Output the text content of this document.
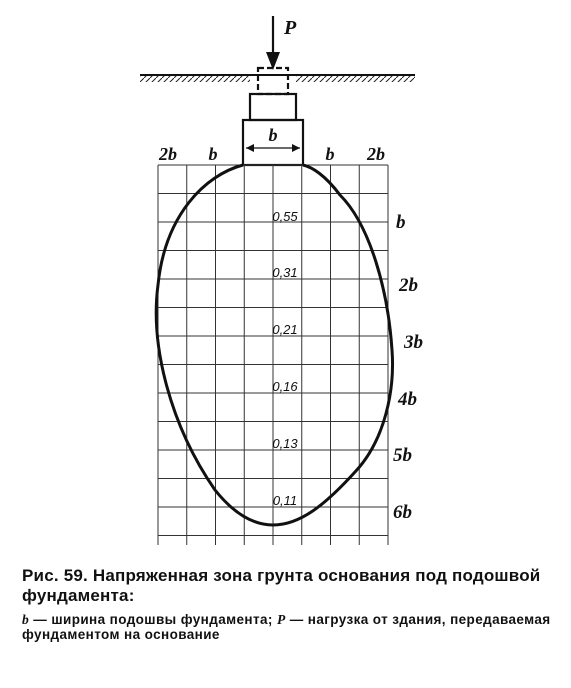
b
P
2b b	b 2b
b
2b
3b
4b
5b
6b
0,55
0,31
0,21
0,16
0,13
0,11

Рис. 59. Напряженная зона грунта основания под подошвой фундамента:

b — ширина подошвы фундамента; P — нагрузка от здания, передаваемая фундаментом на основание
